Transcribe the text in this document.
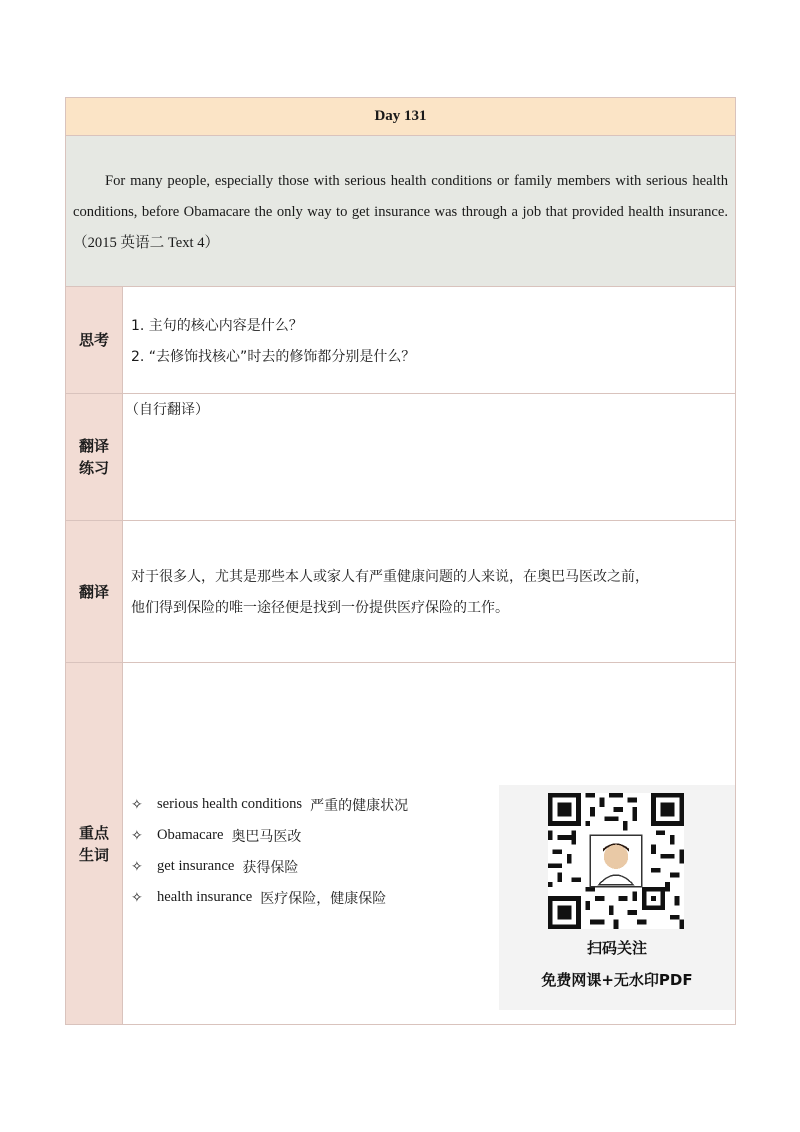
Day 131
For many people, especially those with serious health conditions or family members with serious health conditions, before Obamacare the only way to get insurance was through a job that provided health insurance.（2015 英语二 Text 4）
思考
1. 主句的核心内容是什么？
2. “去修饰找核心”时去的修饰都分别是什么？
翻译
练习
（自行翻译）
翻译
对于很多人，尤其是那些本人或家人有严重健康问题的人来说，在奥巴马医改之前，
他们得到保险的唯一途径便是找到一份提供医疗保险的工作。
重点
生词
✧ serious health conditions 严重的健康状况
✧ Obamacare 奥巴马医改
✧ get insurance 获得保险
✧ health insurance 医疗保险，健康保险
扫码关注
免费网课+无水印PDF
